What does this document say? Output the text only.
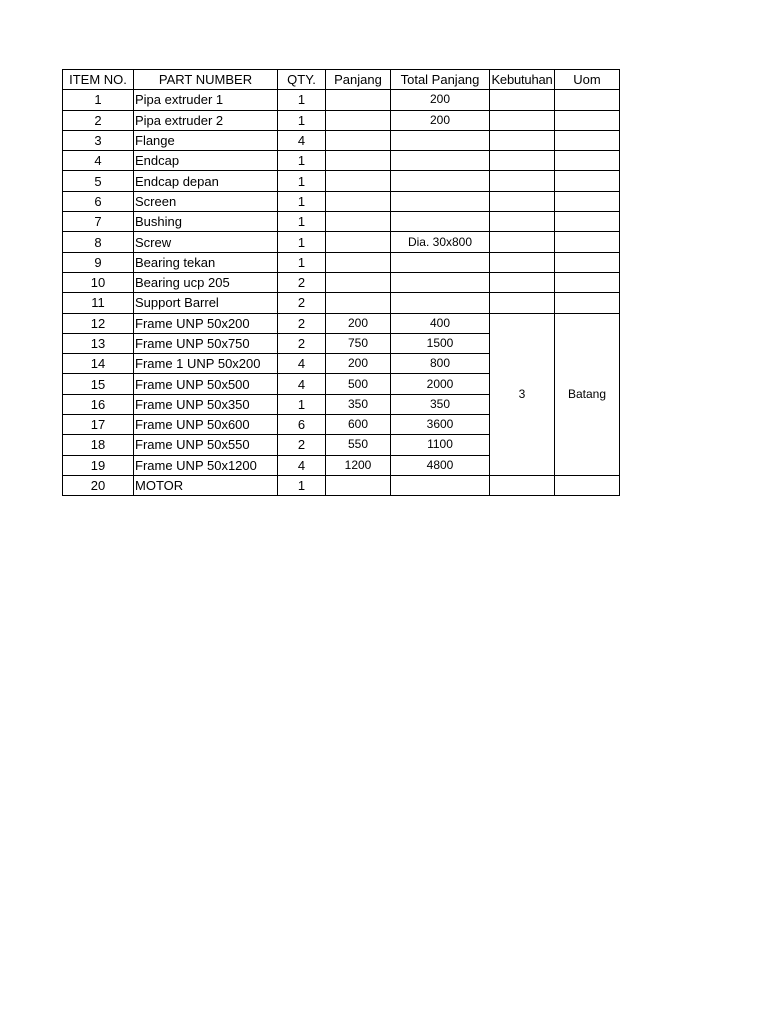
ITEM NO.	PART NUMBER	QTY.	Panjang	Total Panjang	Kebutuhan	Uom
1	Pipa extruder 1	1		200		
2	Pipa extruder 2	1		200		
3	Flange	4				
4	Endcap	1				
5	Endcap depan	1				
6	Screen	1				
7	Bushing	1				
8	Screw	1		Dia. 30x800		
9	Bearing tekan	1				
10	Bearing ucp 205	2				
11	Support Barrel	2				
12	Frame UNP 50x200	2	200	400	3	Batang
13	Frame UNP 50x750	2	750	1500		
14	Frame 1 UNP 50x200	4	200	800		
15	Frame UNP 50x500	4	500	2000		
16	Frame UNP 50x350	1	350	350		
17	Frame UNP 50x600	6	600	3600		
18	Frame UNP 50x550	2	550	1100		
19	Frame UNP 50x1200	4	1200	4800		
20	MOTOR	1				
